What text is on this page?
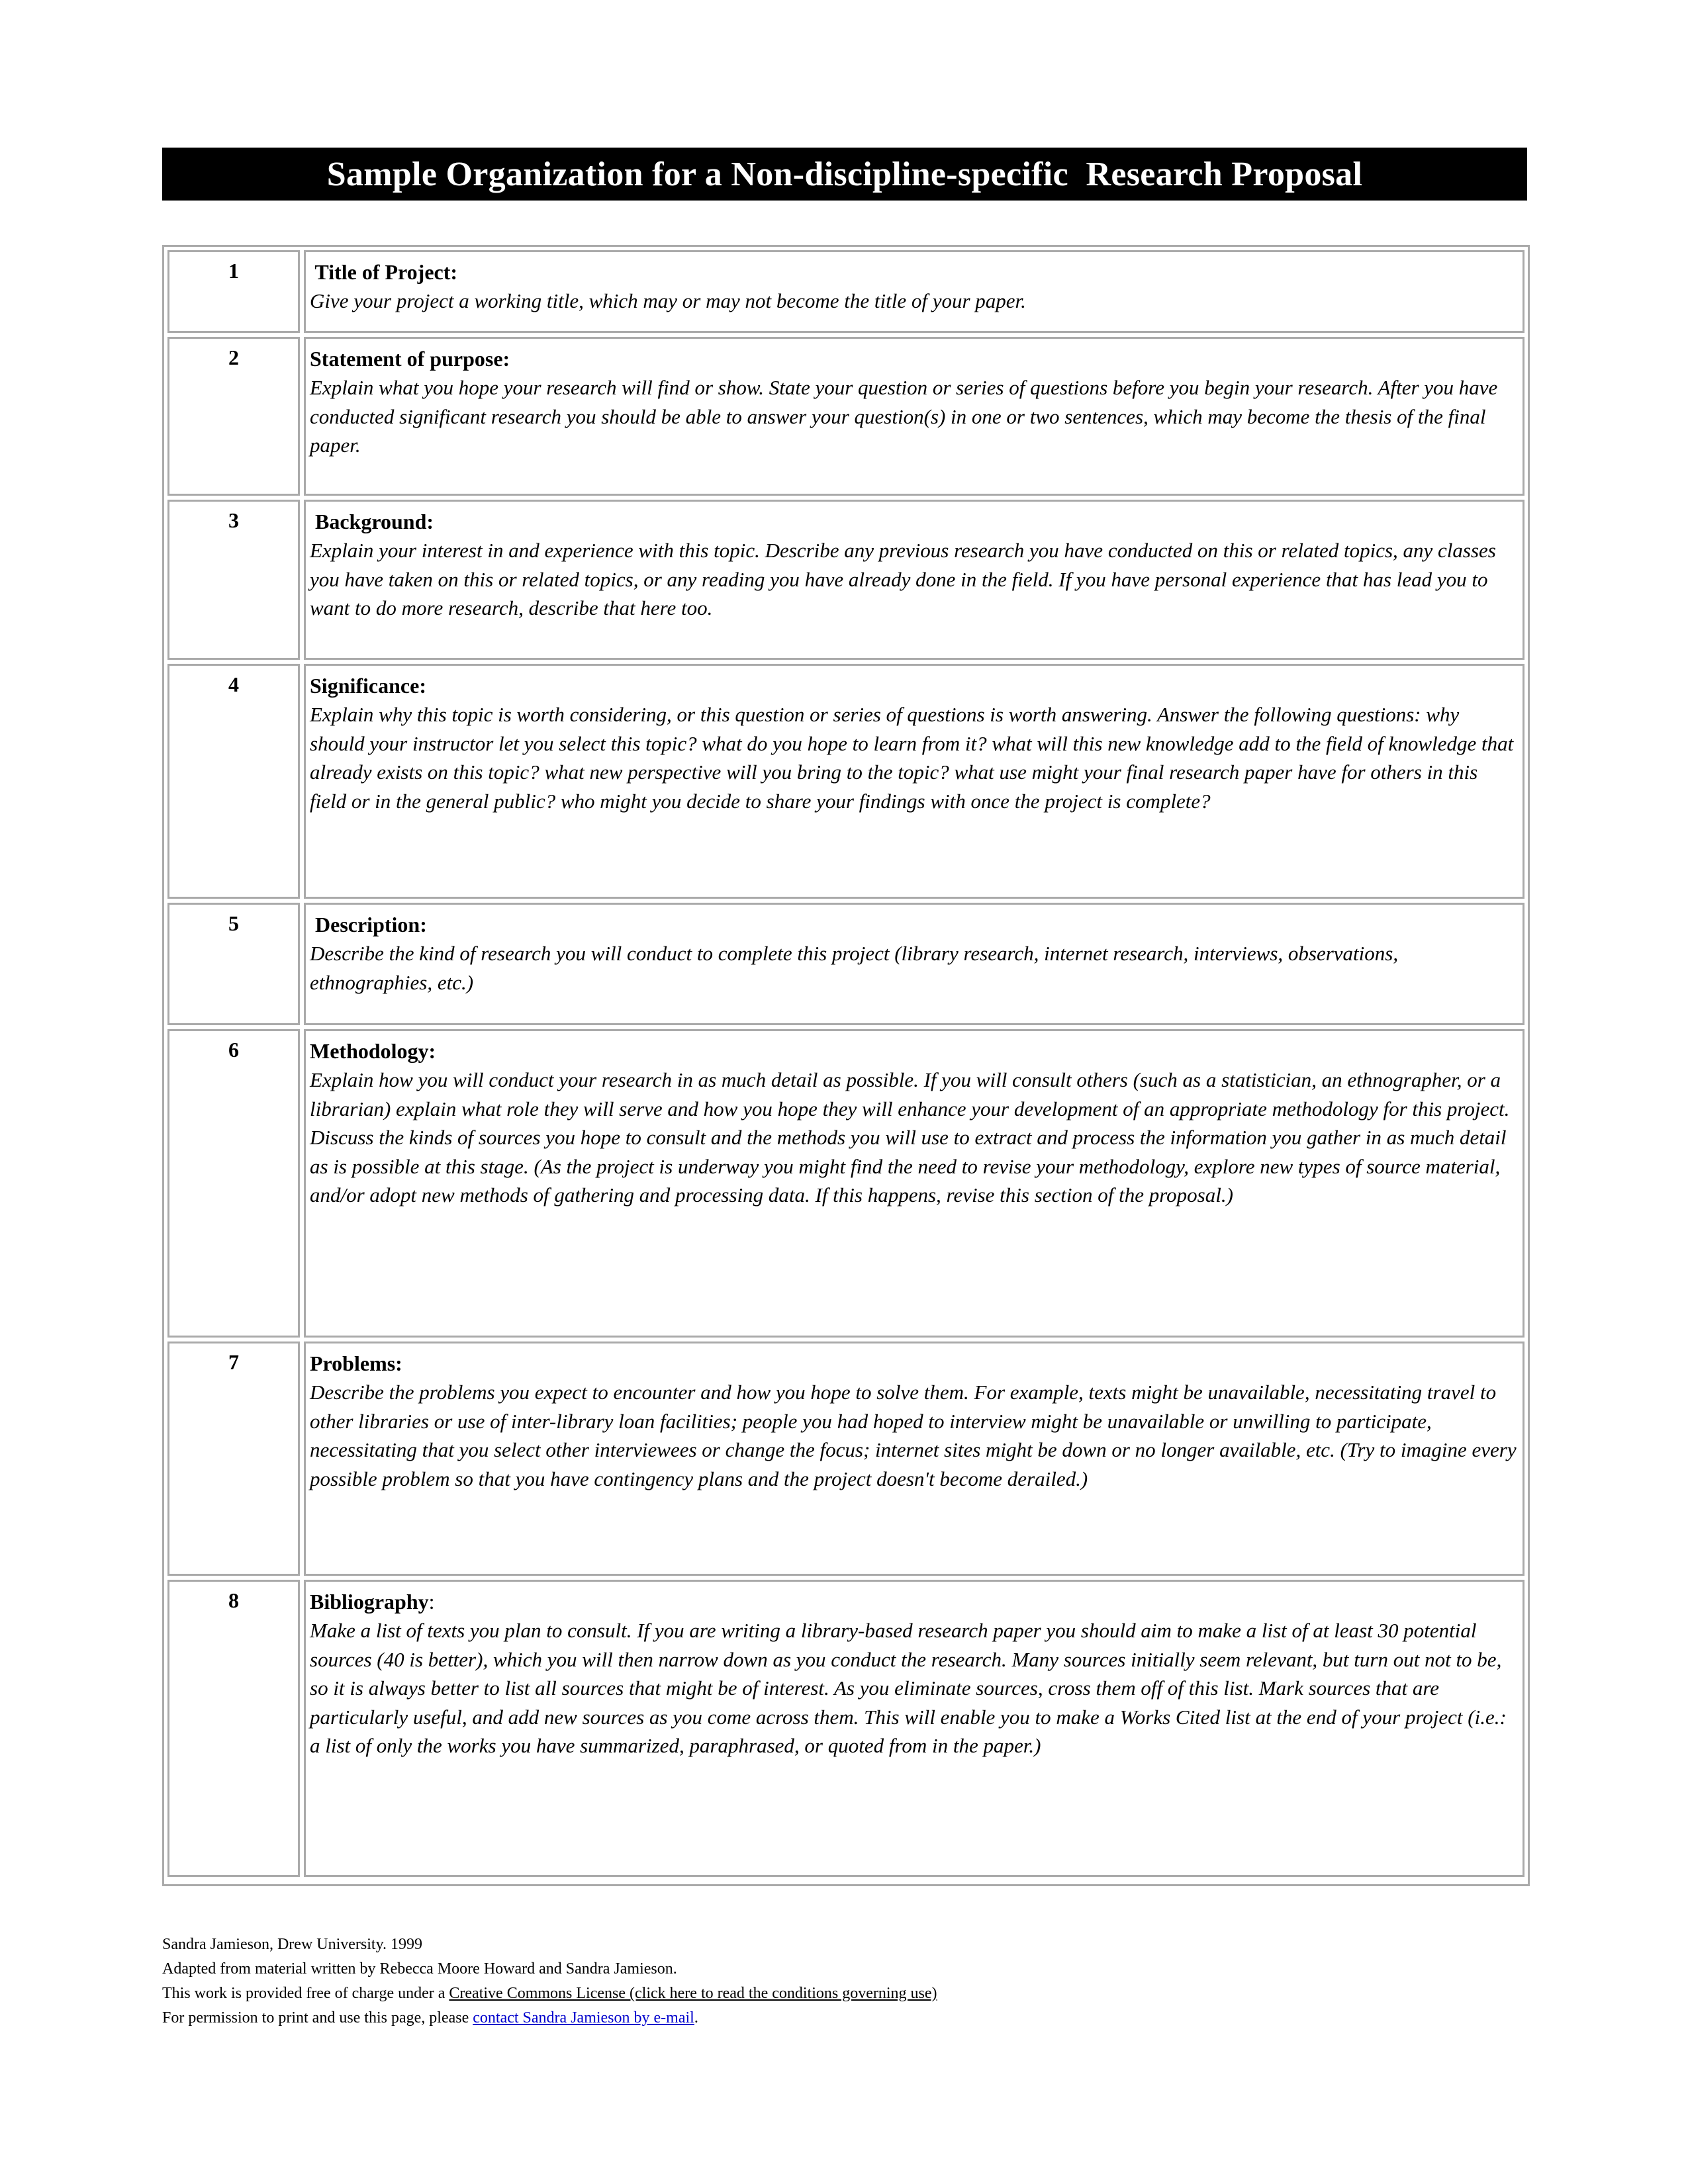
Sample Organization for a Non-discipline-specific  Research Proposal
1	Title of Project:
Give your project a working title, which may or may not become the title of your paper.
2	Statement of purpose:
Explain what you hope your research will find or show. State your question or series of questions before you begin your research. After you have conducted significant research you should be able to answer your question(s) in one or two sentences, which may become the thesis of the final paper.
3	Background:
Explain your interest in and experience with this topic. Describe any previous research you have conducted on this or related topics, any classes you have taken on this or related topics, or any reading you have already done in the field. If you have personal experience that has lead you to want to do more research, describe that here too.
4	Significance:
Explain why this topic is worth considering, or this question or series of questions is worth answering. Answer the following questions: why should your instructor let you select this topic? what do you hope to learn from it? what will this new knowledge add to the field of knowledge that already exists on this topic? what new perspective will you bring to the topic? what use might your final research paper have for others in this field or in the general public? who might you decide to share your findings with once the project is complete?
5	Description:
Describe the kind of research you will conduct to complete this project (library research, internet research, interviews, observations, ethnographies, etc.)
6	Methodology:
Explain how you will conduct your research in as much detail as possible. If you will consult others (such as a statistician, an ethnographer, or a librarian) explain what role they will serve and how you hope they will enhance your development of an appropriate methodology for this project. Discuss the kinds of sources you hope to consult and the methods you will use to extract and process the information you gather in as much detail as is possible at this stage. (As the project is underway you might find the need to revise your methodology, explore new types of source material, and/or adopt new methods of gathering and processing data. If this happens, revise this section of the proposal.)
7	Problems:
Describe the problems you expect to encounter and how you hope to solve them. For example, texts might be unavailable, necessitating travel to other libraries or use of inter-library loan facilities; people you had hoped to interview might be unavailable or unwilling to participate, necessitating that you select other interviewees or change the focus; internet sites might be down or no longer available, etc. (Try to imagine every possible problem so that you have contingency plans and the project doesn't become derailed.)
8	Bibliography:
Make a list of texts you plan to consult. If you are writing a library-based research paper you should aim to make a list of at least 30 potential sources (40 is better), which you will then narrow down as you conduct the research. Many sources initially seem relevant, but turn out not to be, so it is always better to list all sources that might be of interest. As you eliminate sources, cross them off of this list. Mark sources that are particularly useful, and add new sources as you come across them. This will enable you to make a Works Cited list at the end of your project (i.e.: a list of only the works you have summarized, paraphrased, or quoted from in the paper.)
Sandra Jamieson, Drew University. 1999
Adapted from material written by Rebecca Moore Howard and Sandra Jamieson.
This work is provided free of charge under a Creative Commons License (click here to read the conditions governing use)
For permission to print and use this page, please contact Sandra Jamieson by e-mail.
